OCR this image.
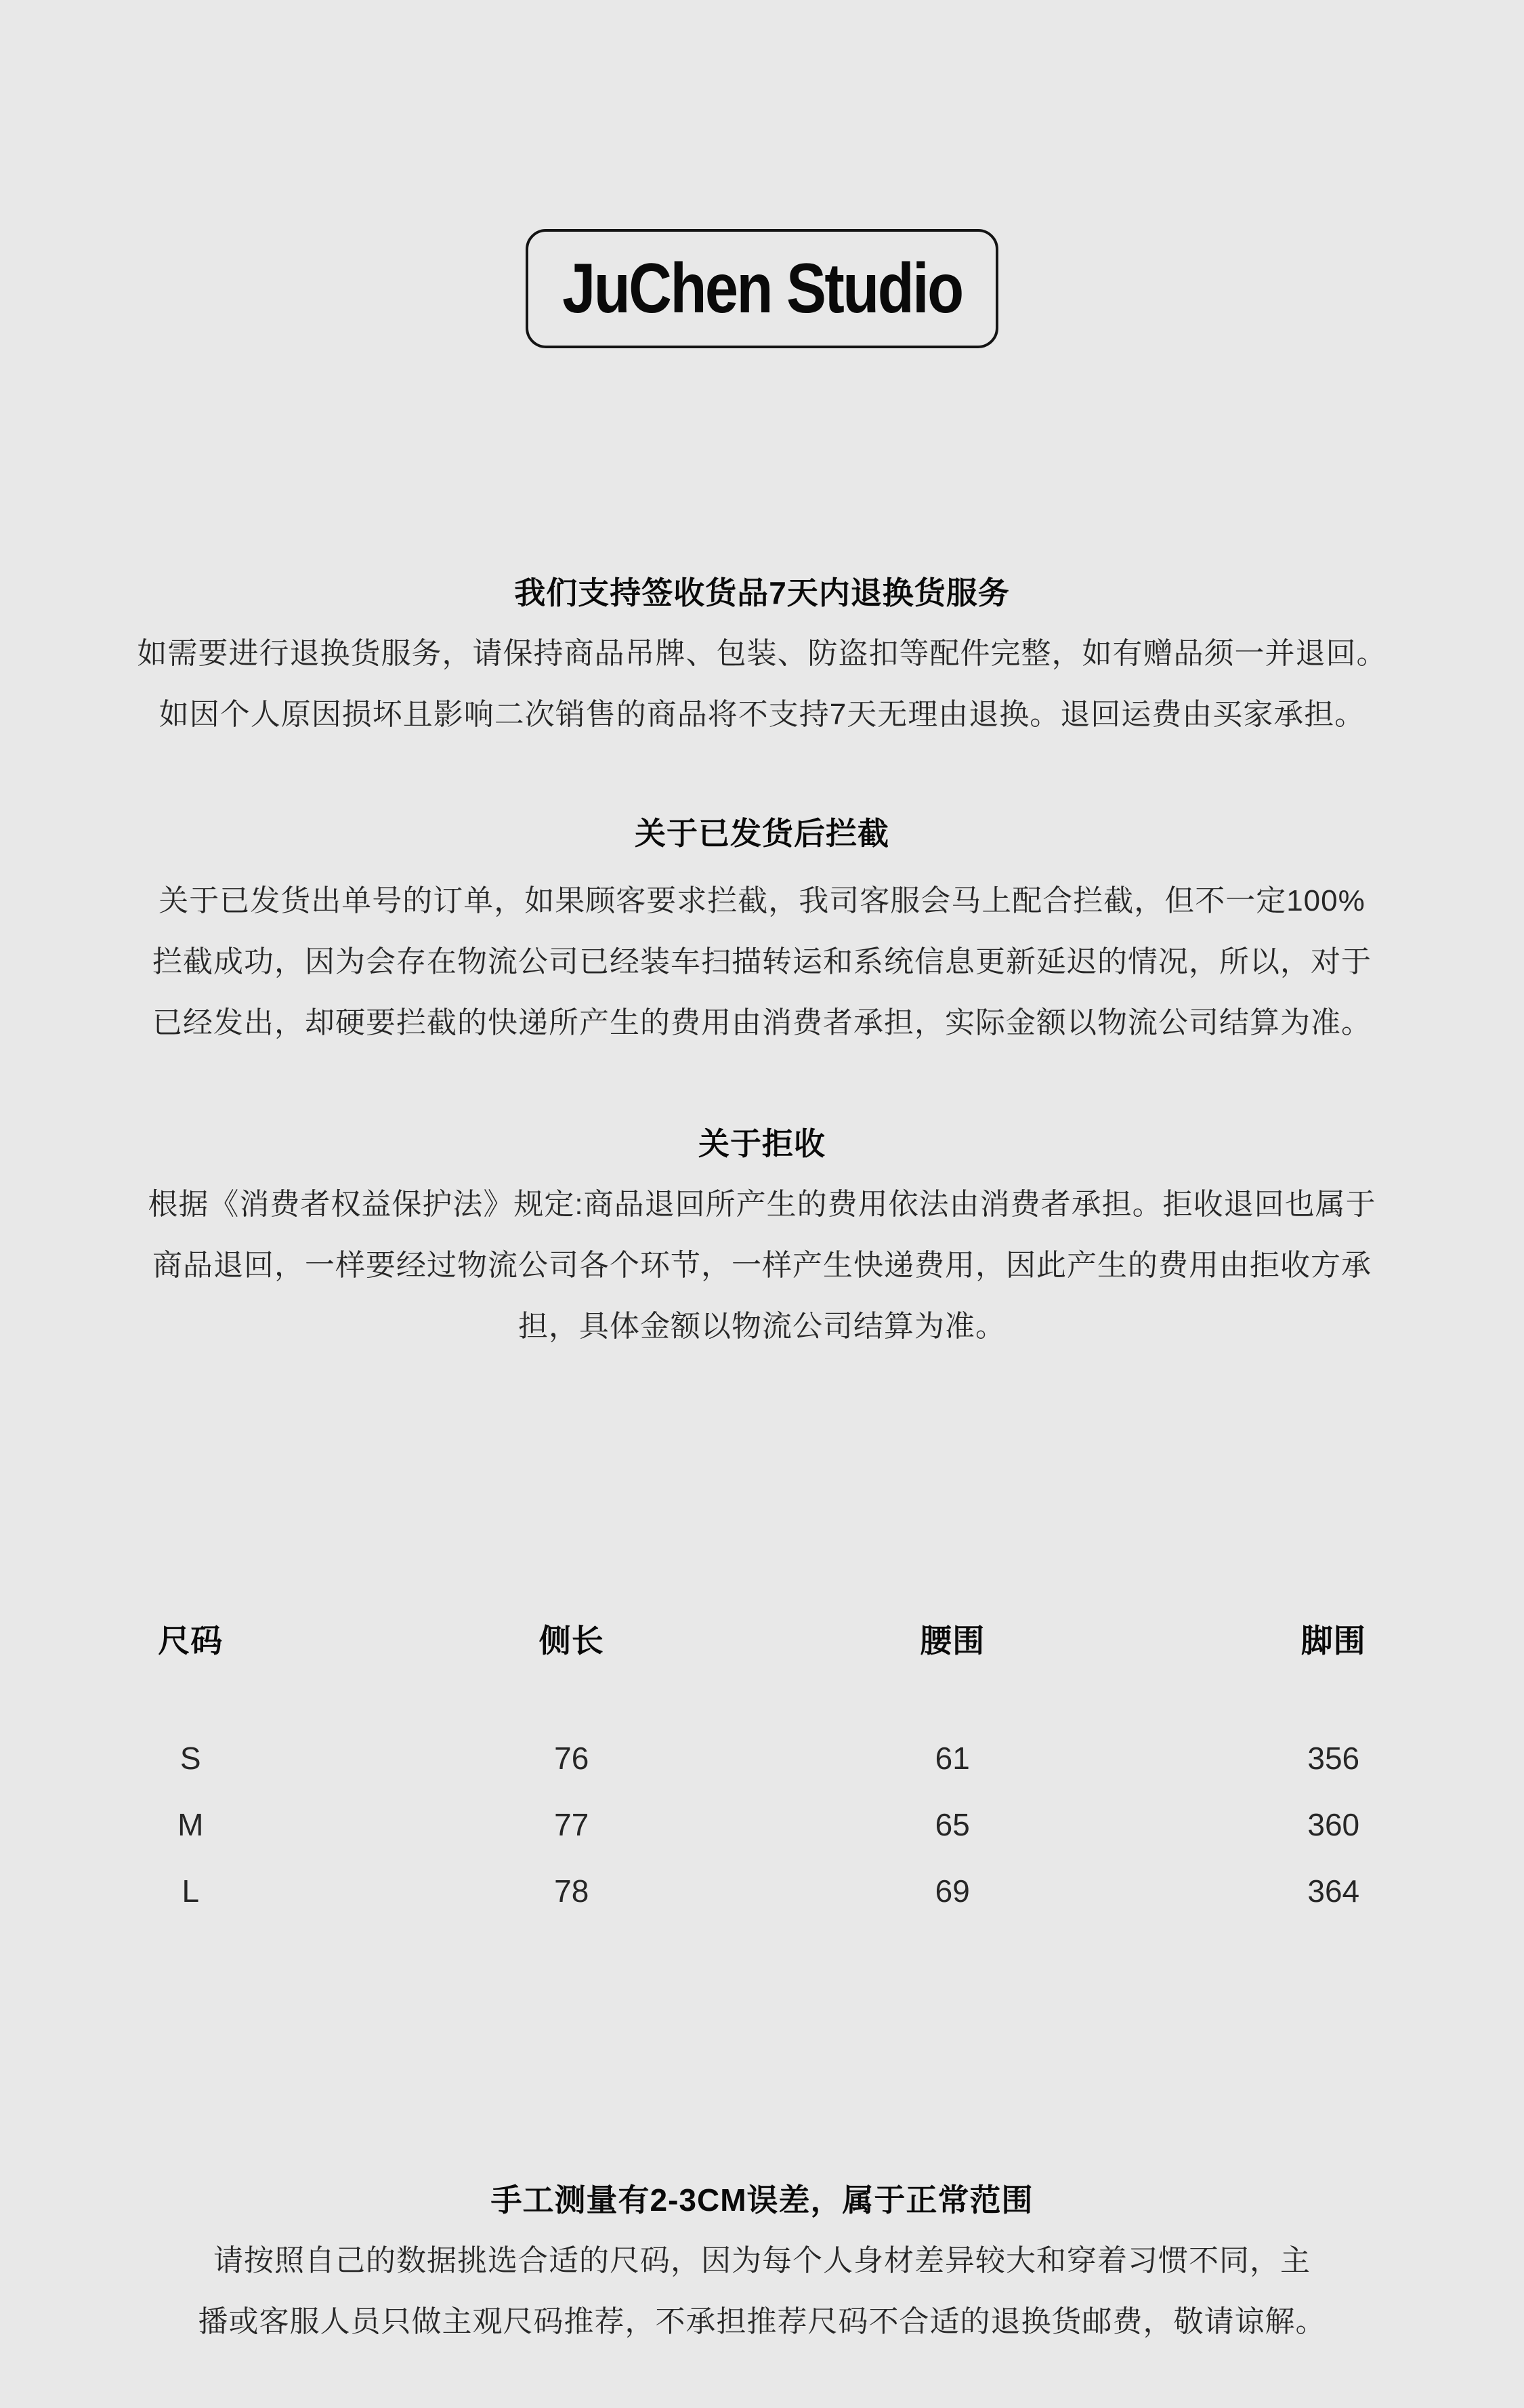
JuChen Studio
我们支持签收货品7天内退换货服务
如需要进行退换货服务，请保持商品吊牌、包装、防盗扣等配件完整，如有赠品须一并退回。
如因个人原因损坏且影响二次销售的商品将不支持7天无理由退换。退回运费由买家承担。
关于已发货后拦截
关于已发货出单号的订单，如果顾客要求拦截，我司客服会马上配合拦截，但不一定100%
拦截成功，因为会存在物流公司已经装车扫描转运和系统信息更新延迟的情况，所以，对于
已经发出，却硬要拦截的快递所产生的费用由消费者承担，实际金额以物流公司结算为准。
关于拒收
根据《消费者权益保护法》规定:商品退回所产生的费用依法由消费者承担。拒收退回也属于
商品退回，一样要经过物流公司各个环节，一样产生快递费用，因此产生的费用由拒收方承
担，具体金额以物流公司结算为准。
尺码	侧长	腰围	脚围
S	76	61	356
M	77	65	360
L	78	69	364
手工测量有2-3CM误差，属于正常范围
请按照自己的数据挑选合适的尺码，因为每个人身材差异较大和穿着习惯不同，主
播或客服人员只做主观尺码推荐，不承担推荐尺码不合适的退换货邮费，敬请谅解。
